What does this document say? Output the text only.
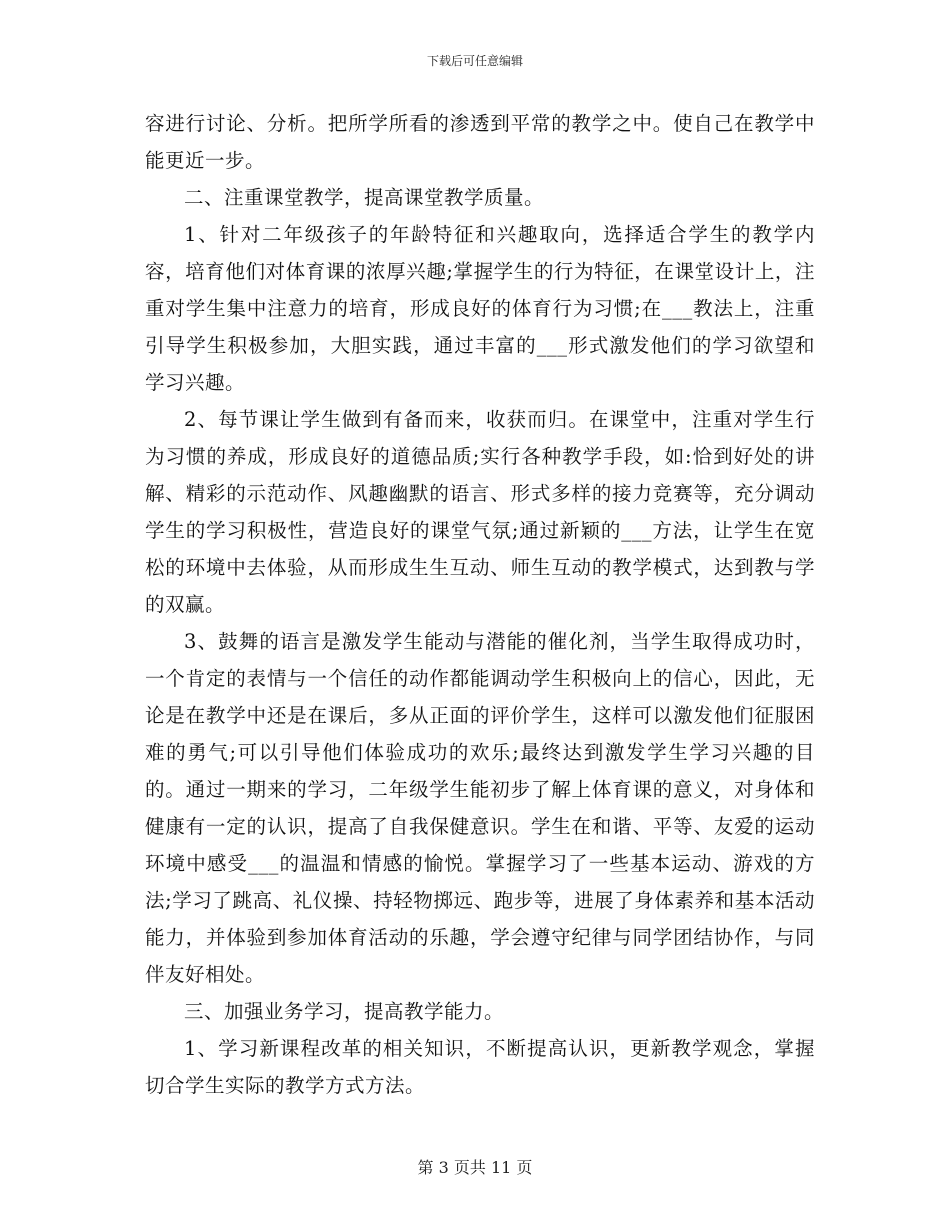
下载后可任意编辑

容进行讨论、分析。把所学所看的渗透到平常的教学之中。使自己在教学中能更近一步。

二、注重课堂教学，提高课堂教学质量。

1、针对二年级孩子的年龄特征和兴趣取向，选择适合学生的教学内容，培育他们对体育课的浓厚兴趣;掌握学生的行为特征，在课堂设计上，注重对学生集中注意力的培育，形成良好的体育行为习惯;在___教法上，注重引导学生积极参加，大胆实践，通过丰富的___形式激发他们的学习欲望和学习兴趣。

2、每节课让学生做到有备而来，收获而归。在课堂中，注重对学生行为习惯的养成，形成良好的道德品质;实行各种教学手段，如:恰到好处的讲解、精彩的示范动作、风趣幽默的语言、形式多样的接力竞赛等，充分调动学生的学习积极性，营造良好的课堂气氛;通过新颖的___方法，让学生在宽松的环境中去体验，从而形成生生互动、师生互动的教学模式，达到教与学的双赢。

3、鼓舞的语言是激发学生能动与潜能的催化剂，当学生取得成功时，一个肯定的表情与一个信任的动作都能调动学生积极向上的信心，因此，无论是在教学中还是在课后，多从正面的评价学生，这样可以激发他们征服困难的勇气;可以引导他们体验成功的欢乐;最终达到激发学生学习兴趣的目的。通过一期来的学习，二年级学生能初步了解上体育课的意义，对身体和健康有一定的认识，提高了自我保健意识。学生在和谐、平等、友爱的运动环境中感受___的温温和情感的愉悦。掌握学习了一些基本运动、游戏的方法;学习了跳高、礼仪操、持轻物掷远、跑步等，进展了身体素养和基本活动能力，并体验到参加体育活动的乐趣，学会遵守纪律与同学团结协作，与同伴友好相处。

三、加强业务学习，提高教学能力。

1、学习新课程改革的相关知识，不断提高认识，更新教学观念，掌握切合学生实际的教学方式方法。

第 3 页共 11 页
